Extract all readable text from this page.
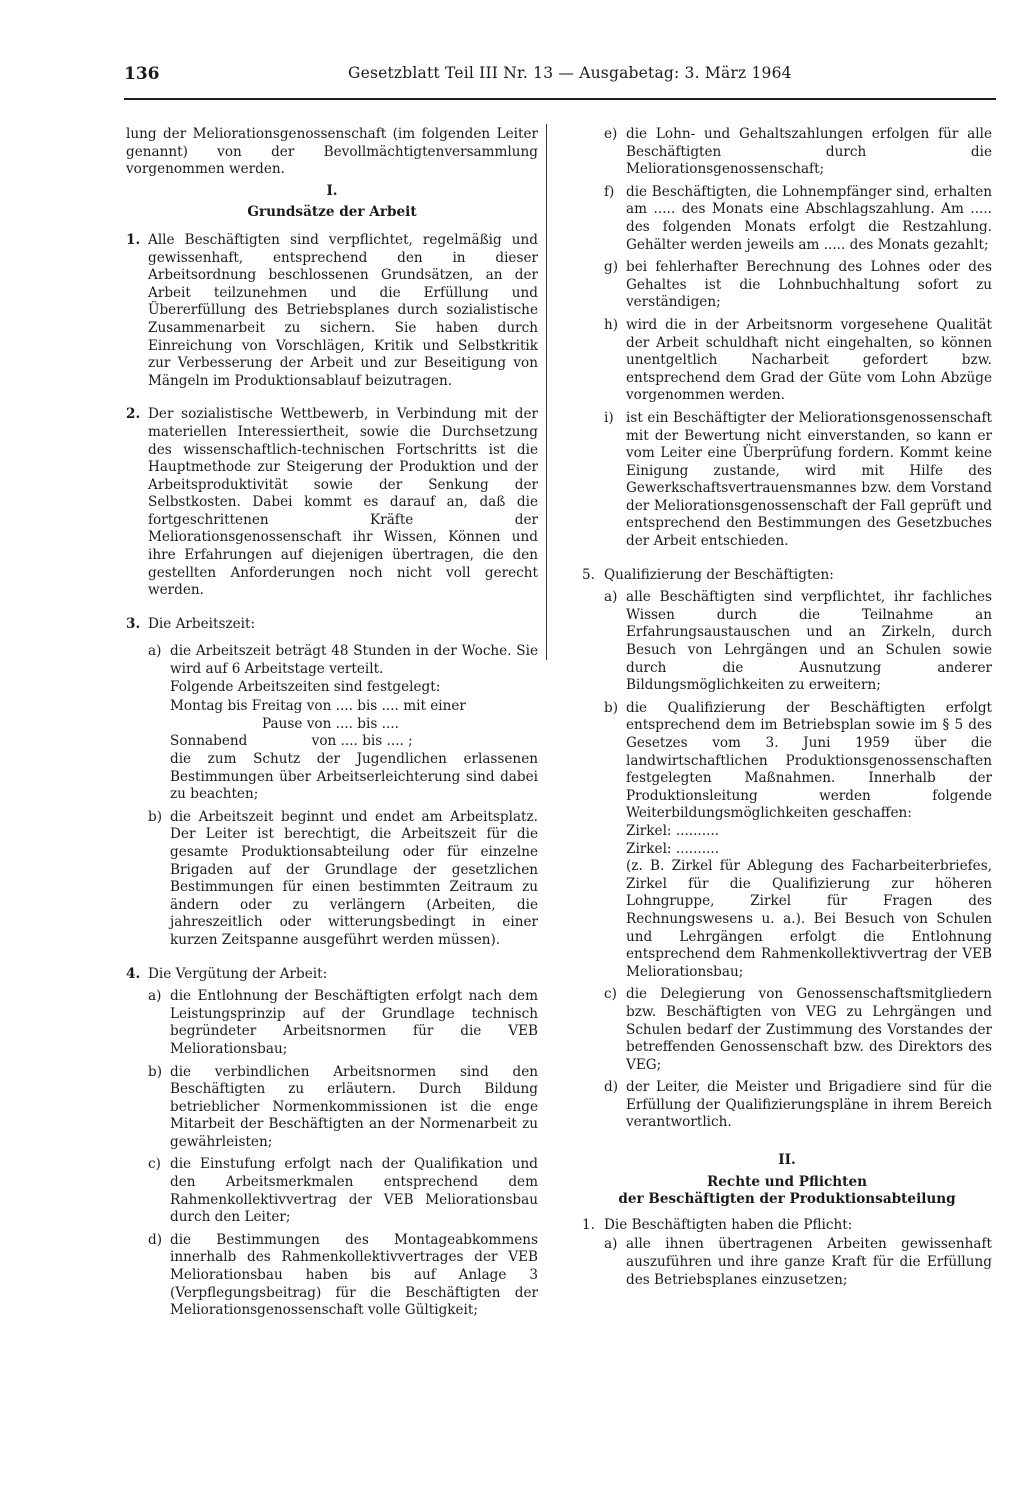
136	Gesetzblatt Teil III Nr. 13 — Ausgabetag: 3. März 1964

lung der Meliorationsgenossenschaft (im folgenden Leiter genannt) von der Bevollmächtigtenversammlung vorgenommen werden.

I.

Grundsätze der Arbeit

1. Alle Beschäftigten sind verpflichtet, regelmäßig und gewissenhaft, entsprechend den in dieser Arbeitsordnung beschlossenen Grundsätzen, an der Arbeit teilzunehmen und die Erfüllung und Übererfüllung des Betriebsplanes durch sozialistische Zusammenarbeit zu sichern. Sie haben durch Einreichung von Vorschlägen, Kritik und Selbstkritik zur Verbesserung der Arbeit und zur Beseitigung von Mängeln im Produktionsablauf beizutragen.
2. Der sozialistische Wettbewerb, in Verbindung mit der materiellen Interessiertheit, sowie die Durchsetzung des wissenschaftlich-technischen Fortschritts ist die Hauptmethode zur Steigerung der Produktion und der Arbeitsproduktivität sowie der Senkung der Selbstkosten. Dabei kommt es darauf an, daß die fortgeschrittenen Kräfte der Meliorationsgenossenschaft ihr Wissen, Können und ihre Erfahrungen auf diejenigen übertragen, die den gestellten Anforderungen noch nicht voll gerecht werden.
3. Die Arbeitszeit:
a) die Arbeitszeit beträgt 48 Stunden in der Woche. Sie wird auf 6 Arbeitstage verteilt.

Folgende Arbeitszeiten sind festgelegt:

Montag bis Freitag von .... bis .... mit einer

Pause von .... bis ....

Sonnabend	von .... bis .... ;

die zum Schutz der Jugendlichen erlassenen Bestimmungen über Arbeitserleichterung sind dabei zu beachten;

b) die Arbeitszeit beginnt und endet am Arbeitsplatz. Der Leiter ist berechtigt, die Arbeitszeit für die gesamte Produktionsabteilung oder für einzelne Brigaden auf der Grundlage der gesetzlichen Bestimmungen für einen bestimmten Zeitraum zu ändern oder zu verlängern (Arbeiten, die jahreszeitlich oder witterungsbedingt in einer kurzen Zeitspanne ausgeführt werden müssen).
4. Die Vergütung der Arbeit:
a) die Entlohnung der Beschäftigten erfolgt nach dem Leistungsprinzip auf der Grundlage technisch begründeter Arbeitsnormen für die VEB Meliorationsbau;
b) die verbindlichen Arbeitsnormen sind den Beschäftigten zu erläutern. Durch Bildung betrieblicher Normenkommissionen ist die enge Mitarbeit der Beschäftigten an der Normenarbeit zu gewährleisten;
c) die Einstufung erfolgt nach der Qualifikation und den Arbeitsmerkmalen entsprechend dem Rahmenkollektivvertrag der VEB Meliorationsbau durch den Leiter;
d) die Bestimmungen des Montageabkommens innerhalb des Rahmenkollektivvertrages der VEB Meliorationsbau haben bis auf Anlage 3 (Verpflegungsbeitrag) für die Beschäftigten der Meliorationsgenossenschaft volle Gültigkeit;
e) die Lohn- und Gehaltszahlungen erfolgen für alle Beschäftigten durch die Meliorationsgenossenschaft;
f) die Beschäftigten, die Lohnempfänger sind, erhalten am ..... des Monats eine Abschlagszahlung. Am ..... des folgenden Monats erfolgt die Restzahlung. Gehälter werden jeweils am ..... des Monats gezahlt;
g) bei fehlerhafter Berechnung des Lohnes oder des Gehaltes ist die Lohnbuchhaltung sofort zu verständigen;
h) wird die in der Arbeitsnorm vorgesehene Qualität der Arbeit schuldhaft nicht eingehalten, so können unentgeltlich Nacharbeit gefordert bzw. entsprechend dem Grad der Güte vom Lohn Abzüge vorgenommen werden.
i) ist ein Beschäftigter der Meliorationsgenossenschaft mit der Bewertung nicht einverstanden, so kann er vom Leiter eine Überprüfung fordern. Kommt keine Einigung zustande, wird mit Hilfe des Gewerkschaftsvertrauensmannes bzw. dem Vorstand der Meliorationsgenossenschaft der Fall geprüft und entsprechend den Bestimmungen des Gesetzbuches der Arbeit entschieden.
5. Qualifizierung der Beschäftigten:
a) alle Beschäftigten sind verpflichtet, ihr fachliches Wissen durch die Teilnahme an Erfahrungsaustauschen und an Zirkeln, durch Besuch von Lehrgängen und an Schulen sowie durch die Ausnutzung anderer Bildungsmöglichkeiten zu erweitern;
b) die Qualifizierung der Beschäftigten erfolgt entsprechend dem im Betriebsplan sowie im § 5 des Gesetzes vom 3. Juni 1959 über die landwirtschaftlichen Produktionsgenossenschaften festgelegten Maßnahmen. Innerhalb der Produktionsleitung werden folgende Weiterbildungsmöglichkeiten geschaffen:

Zirkel: ..........

Zirkel: ..........

(z. B. Zirkel für Ablegung des Facharbeiterbriefes, Zirkel für die Qualifizierung zur höheren Lohngruppe, Zirkel für Fragen des Rechnungswesens u. a.). Bei Besuch von Schulen und Lehrgängen erfolgt die Entlohnung entsprechend dem Rahmenkollektivvertrag der VEB Meliorationsbau;

c) die Delegierung von Genossenschaftsmitgliedern bzw. Beschäftigten von VEG zu Lehrgängen und Schulen bedarf der Zustimmung des Vorstandes der betreffenden Genossenschaft bzw. des Direktors des VEG;
d) der Leiter, die Meister und Brigadiere sind für die Erfüllung der Qualifizierungspläne in ihrem Bereich verantwortlich.

II.

Rechte und Pflichten

der Beschäftigten der Produktionsabteilung

1. Die Beschäftigten haben die Pflicht:
a) alle ihnen übertragenen Arbeiten gewissenhaft auszuführen und ihre ganze Kraft für die Erfüllung des Betriebsplanes einzusetzen;
